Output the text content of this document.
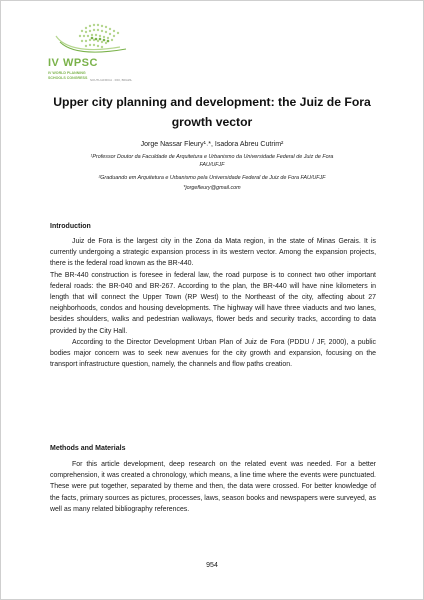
IV WPSC
IV WORLD PLANNING
SCHOOLS CONGRESS SOUTH AFRICA · RIO, BRAZIL
Upper city planning and development: the Juiz de Fora growth vector
Jorge Nassar Fleury¹˒*, Isadora Abreu Cutrim²
¹Professor Doutor da Faculdade de Arquitetura e Urbanismo da Universidade Federal de Juiz de Fora
FAU/UFJF
²Graduando em Arquitetura e Urbanismo pela Universidade Federal de Juiz de Fora FAU/UFJF
*jorgefleury@gmail.com
Introduction

Juiz de Fora is the largest city in the Zona da Mata region, in the state of Minas Gerais. It is currently undergoing a strategic expansion process in its western vector. Among the expansion projects, there is the federal road known as the BR-440.

The BR-440 construction is foresee in federal law, the road purpose is to connect two other important federal roads: the BR-040 and BR-267. According to the plan, the BR-440 will have nine kilometers in length that will connect the Upper Town (RP West) to the Northeast of the city, affecting about 27 neighborhoods, condos and housing developments. The highway will have three viaducts and two lanes, besides shoulders, walks and pedestrian walkways, flower beds and security tracks, according to data provided by the City Hall.

According to the Director Development Urban Plan of Juiz de Fora (PDDU / JF, 2000), a public bodies major concern was to seek new avenues for the city growth and expansion, focusing on the transport infrastructure question, namely, the channels and flow paths creation.

Methods and Materials

For this article development, deep research on the related event was needed. For a better comprehension, it was created a chronology, which means, a line time where the events were punctuated. These were put together, separated by theme and then, the data were crossed. For better knowledge of the facts, primary sources as pictures, processes, laws, season books and newspapers were surveyed, as well as many related bibliography references.

954
